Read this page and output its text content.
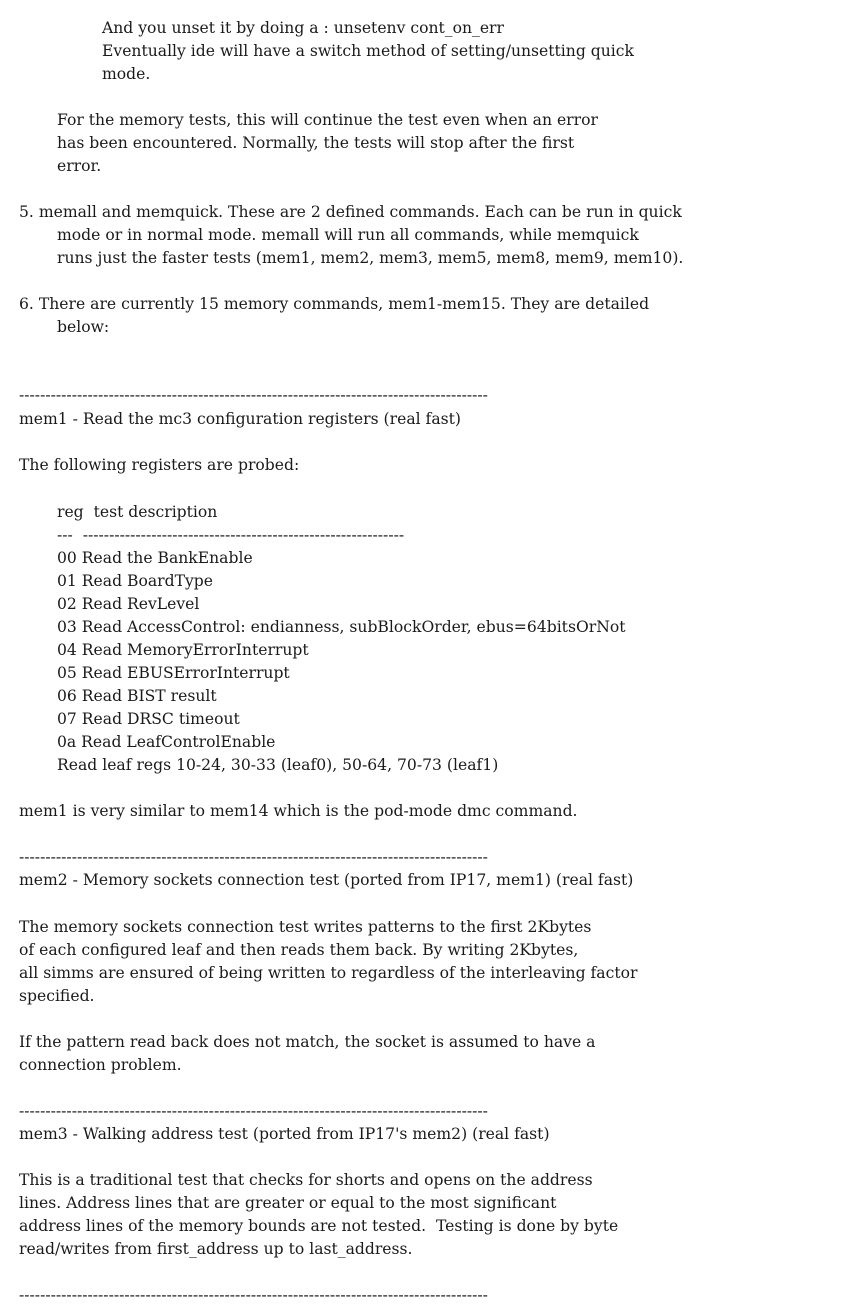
And you unset it by doing a : unsetenv cont_on_err
Eventually ide will have a switch method of setting/unsetting quick
mode.
For the memory tests, this will continue the test even when an error
has been encountered. Normally, the tests will stop after the first
error.
5. memall and memquick. These are 2 defined commands. Each can be run in quick
mode or in normal mode. memall will run all commands, while memquick
runs just the faster tests (mem1, mem2, mem3, mem5, mem8, mem9, mem10).
6. There are currently 15 memory commands, mem1-mem15. They are detailed
below:
-----------------------------------------------------------------------------------------
mem1 - Read the mc3 configuration registers (real fast)
The following registers are probed:
reg  test description
---  -------------------------------------------------------------
00 Read the BankEnable
01 Read BoardType
02 Read RevLevel
03 Read AccessControl: endianness, subBlockOrder, ebus=64bitsOrNot
04 Read MemoryErrorInterrupt
05 Read EBUSErrorInterrupt
06 Read BIST result
07 Read DRSC timeout
0a Read LeafControlEnable
Read leaf regs 10-24, 30-33 (leaf0), 50-64, 70-73 (leaf1)
mem1 is very similar to mem14 which is the pod-mode dmc command.
-----------------------------------------------------------------------------------------
mem2 - Memory sockets connection test (ported from IP17, mem1) (real fast)
The memory sockets connection test writes patterns to the first 2Kbytes
of each configured leaf and then reads them back. By writing 2Kbytes,
all simms are ensured of being written to regardless of the interleaving factor
specified.
If the pattern read back does not match, the socket is assumed to have a
connection problem.
-----------------------------------------------------------------------------------------
mem3 - Walking address test (ported from IP17's mem2) (real fast)
This is a traditional test that checks for shorts and opens on the address
lines. Address lines that are greater or equal to the most significant
address lines of the memory bounds are not tested.  Testing is done by byte
read/writes from first_address up to last_address.
-----------------------------------------------------------------------------------------
